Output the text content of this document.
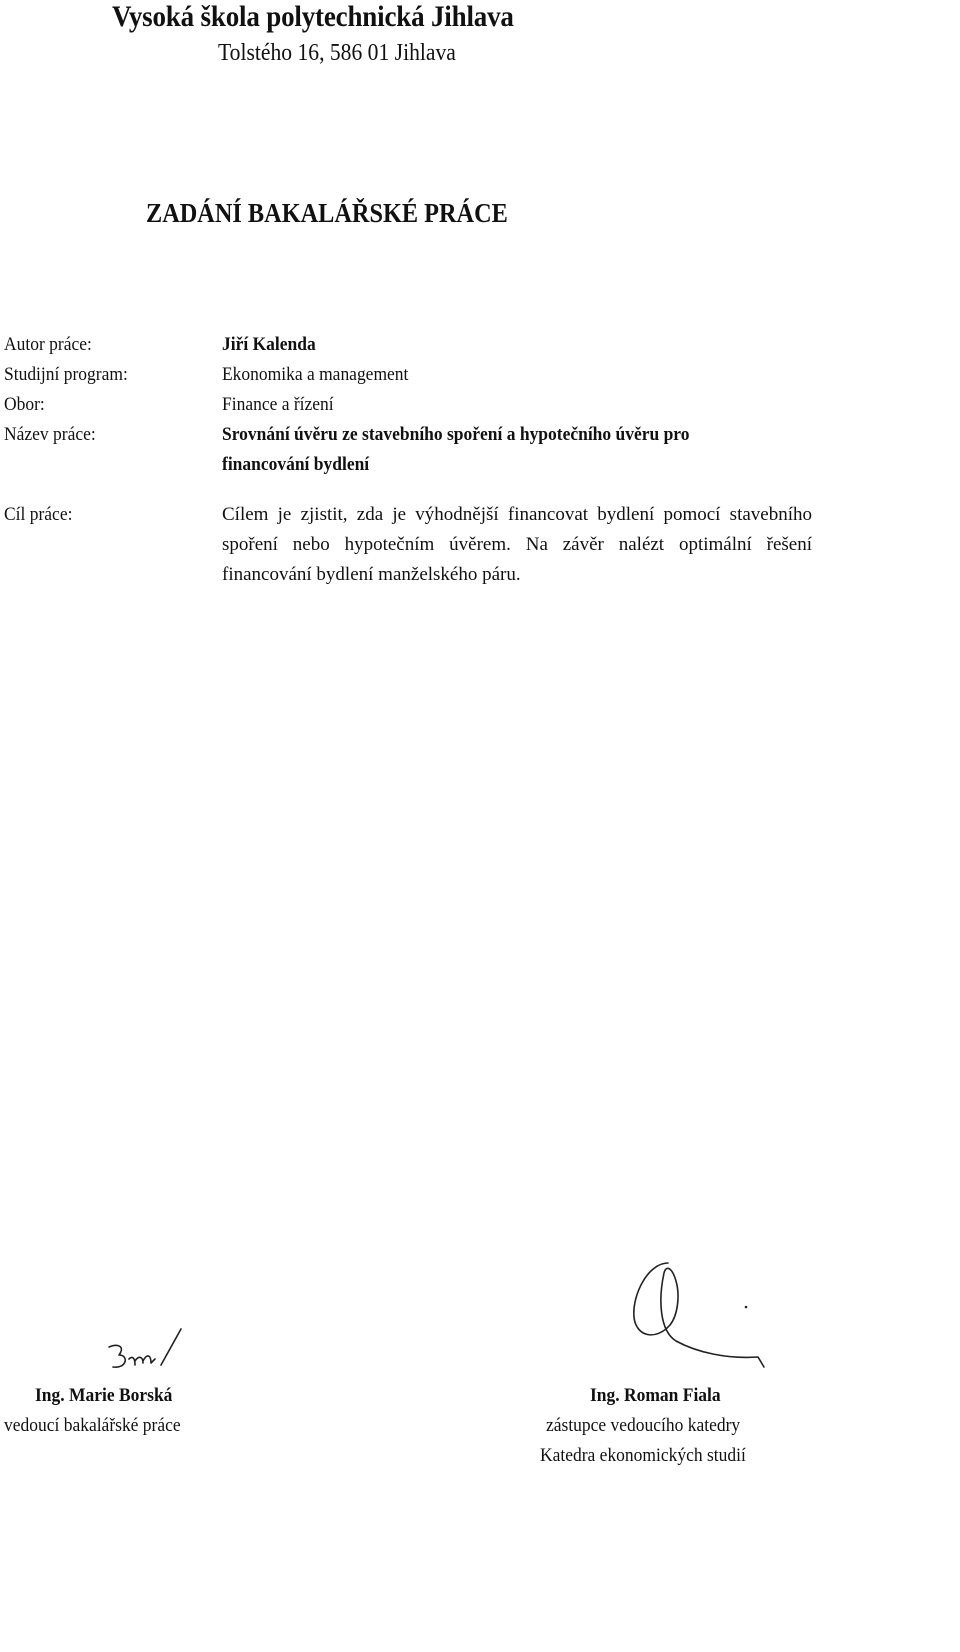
Vysoká škola polytechnická Jihlava
Tolstého 16, 586 01 Jihlava
ZADÁNÍ BAKALÁŘSKÉ PRÁCE
Autor práce:	Jiří Kalenda
Studijní program:	Ekonomika a management
Obor:	Finance a řízení
Název práce:	Srovnání úvěru ze stavebního spoření a hypotečního úvěru pro
financování bydlení
Cíl práce:	Cílem je zjistit, zda je výhodnější financovat bydlení pomocí stavebního spoření nebo hypotečním úvěrem. Na závěr nalézt optimální řešení financování bydlení manželského páru.
Ing. Marie Borská
vedoucí bakalářské práce
Ing. Roman Fiala
zástupce vedoucího katedry
Katedra ekonomických studií
